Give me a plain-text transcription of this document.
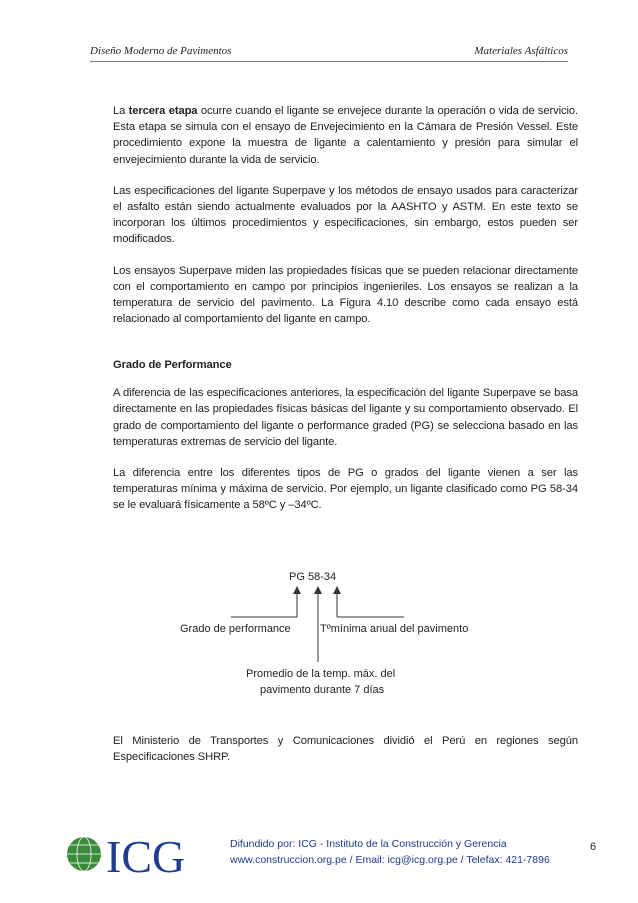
Diseño Moderno de Pavimentos	Materiales Asfálticos

La tercera etapa ocurre cuando el ligante se envejece durante la operación o vida de servicio. Esta etapa se simula con el ensayo de Envejecimiento en la Cámara de Presión Vessel. Este procedimiento expone la muestra de ligante a calentamiento y presión para simular el envejecimiento durante la vida de servicio.

Las especificaciones del ligante Superpave y los métodos de ensayo usados para caracterizar el asfalto están siendo actualmente evaluados por la AASHTO y ASTM. En este texto se incorporan los últimos procedimientos y especificaciones, sin embargo, estos pueden ser modificados.

Los ensayos Superpave miden las propiedades físicas que se pueden relacionar directamente con el comportamiento en campo por principios ingenieriles. Los ensayos se realizan a la temperatura de servicio del pavimento. La Figura 4.10 describe como cada ensayo está relacionado al comportamiento del ligante en campo.

Grado de Performance

A diferencia de las especificaciones anteriores, la especificación del ligante Superpave se basa directamente en las propiedades físicas básicas del ligante y su comportamiento observado. El grado de comportamiento del ligante o performance graded (PG) se selecciona basado en las temperaturas extremas de servicio del ligante.

La diferencia entre los diferentes tipos de PG o grados del ligante vienen a ser las temperaturas mínima y máxima de servicio. Por ejemplo, un ligante clasificado como PG 58-34 se le evaluará físicamente a 58ºC y –34ºC.

PG 58-34
Grado de performance	Tºmínima anual del pavimento
Promedio de la temp. máx. del
pavimento durante 7 días

El Ministerio de Transportes y Comunicaciones dividió el Perú en regiones según Especificaciones SHRP.

ICG	Difundido por: ICG - Instituto de la Construcción y Gerencia
www.construccion.org.pe / Email: icg@icg.org.pe / Telefax: 421-7896
6
